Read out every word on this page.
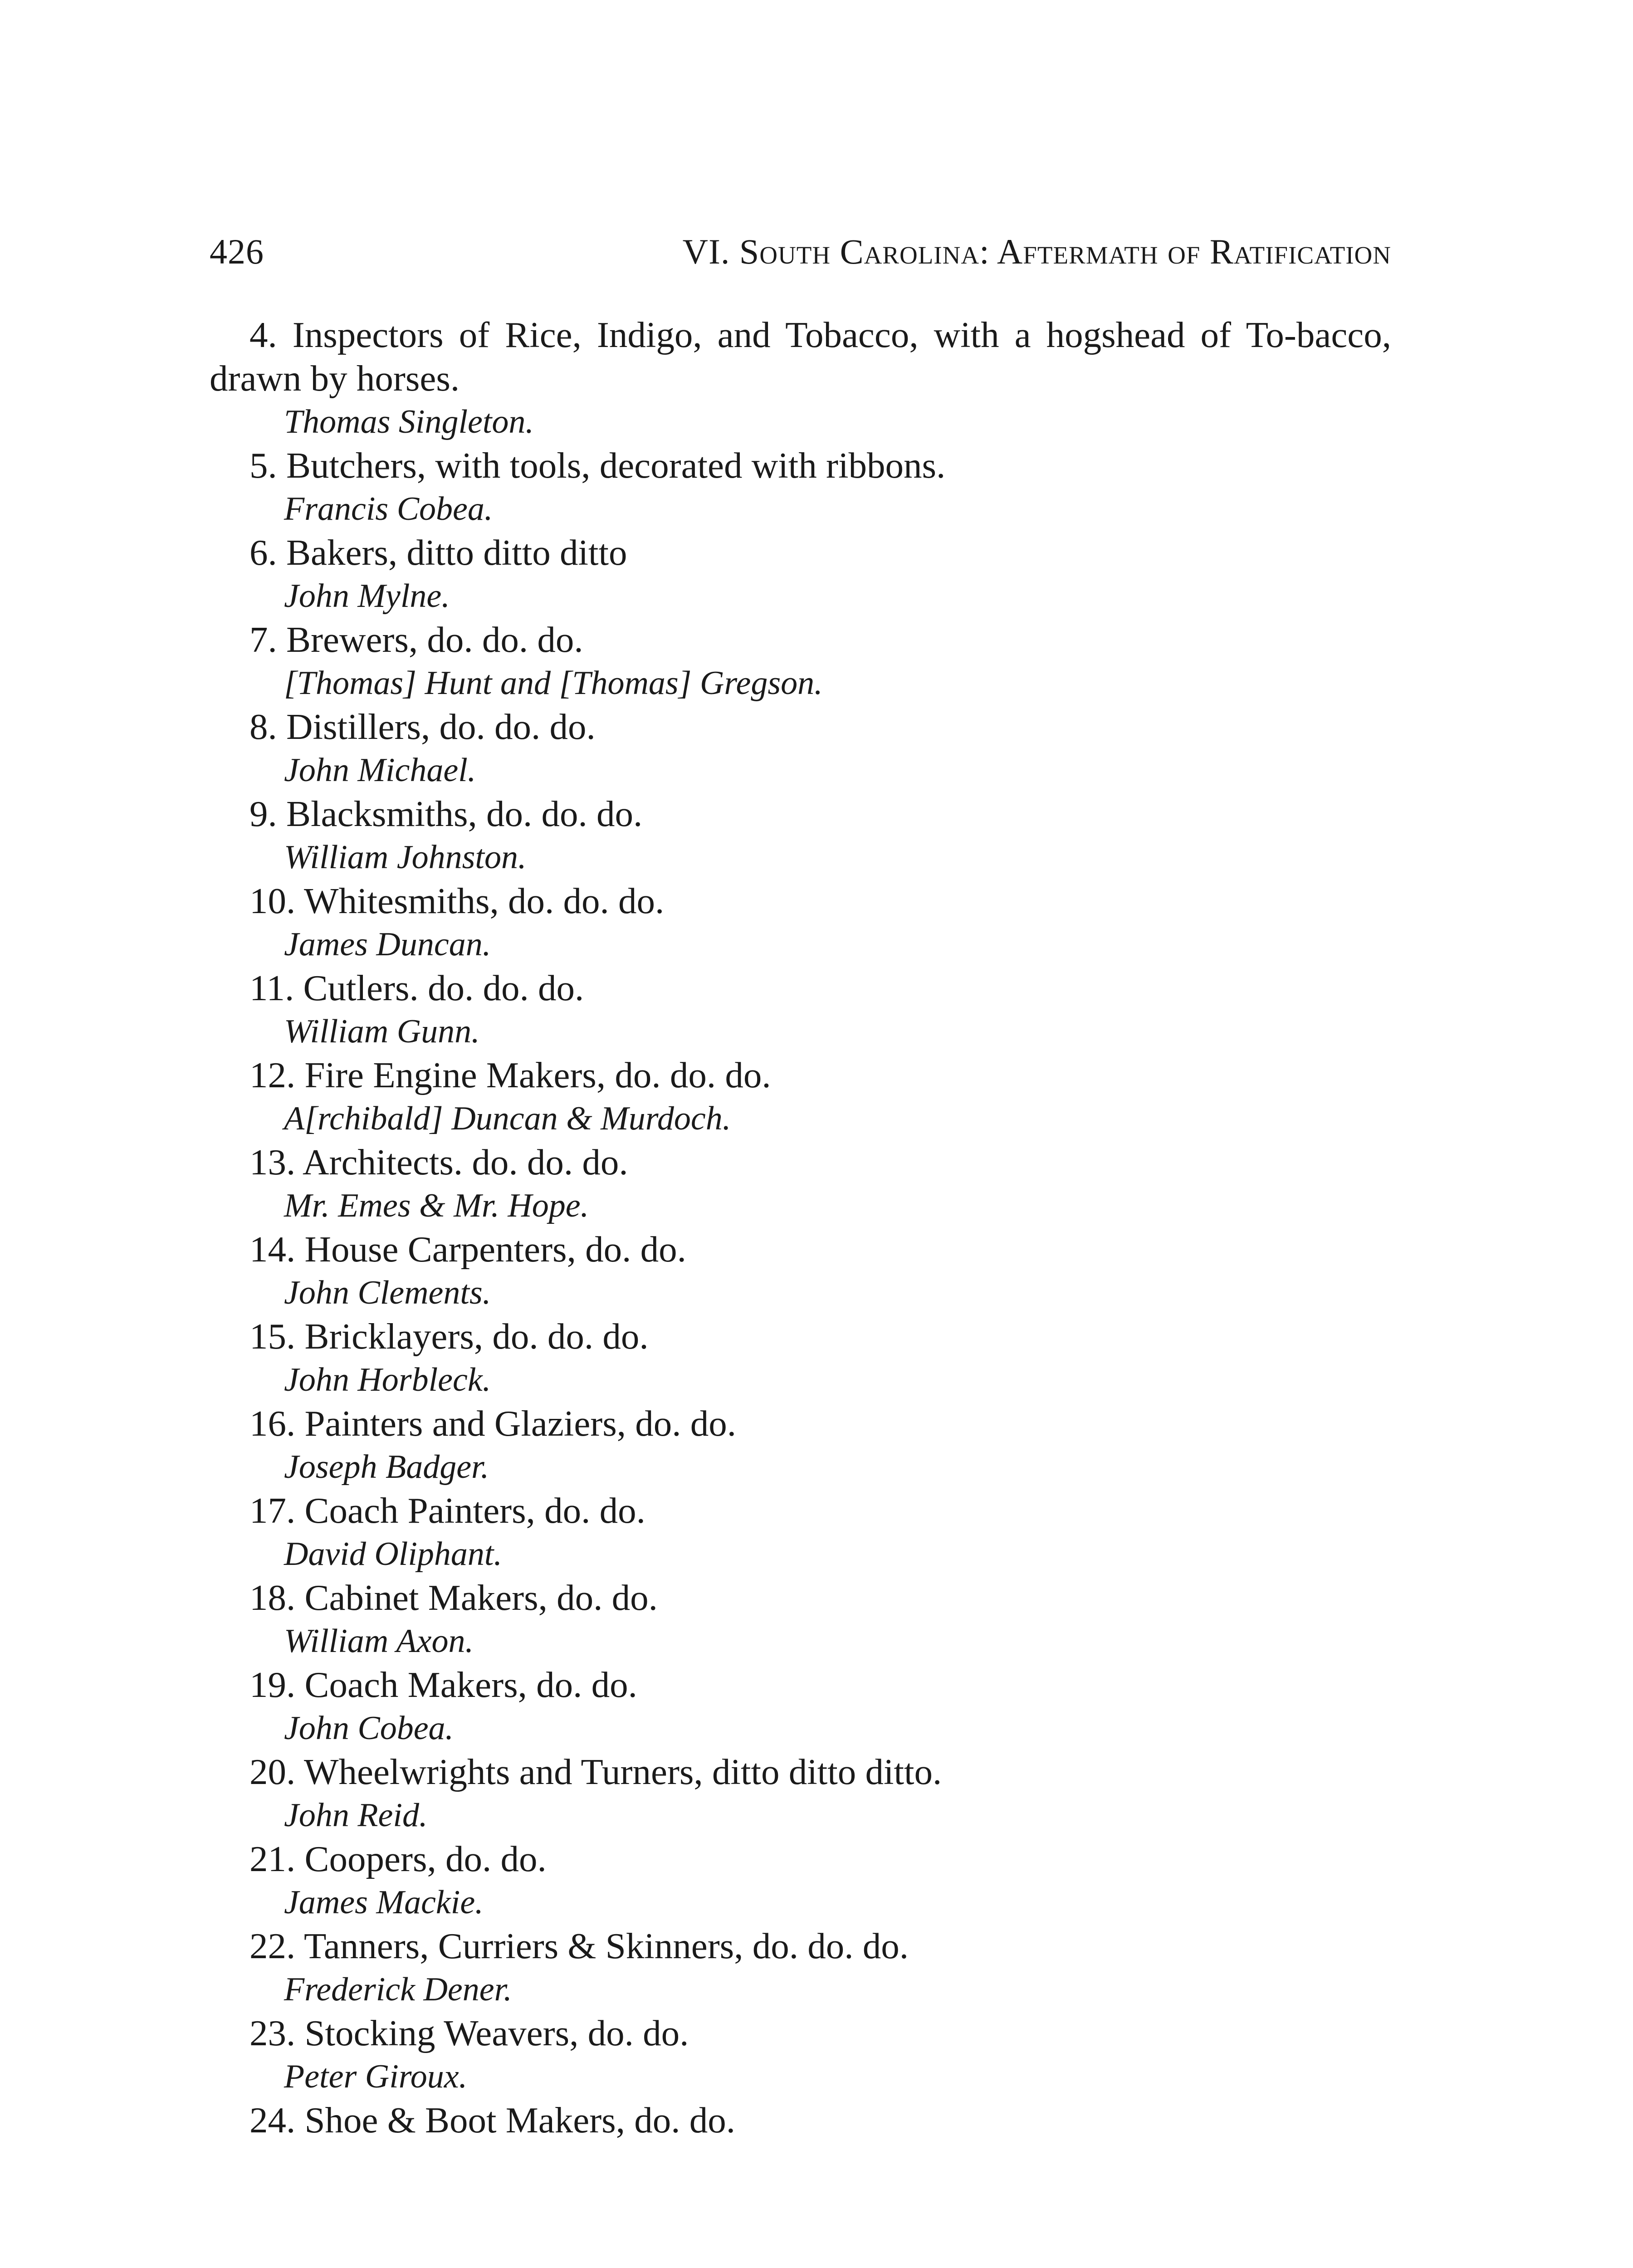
426	VI. South Carolina: Aftermath of Ratification

4. Inspectors of Rice, Indigo, and Tobacco, with a hogshead of To-bacco, drawn by horses.

Thomas Singleton.

5. Butchers, with tools, decorated with ribbons.

Francis Cobea.

6. Bakers, ditto ditto ditto

John Mylne.

7. Brewers, do. do. do.

[Thomas] Hunt and [Thomas] Gregson.

8. Distillers, do. do. do.

John Michael.

9. Blacksmiths, do. do. do.

William Johnston.

10. Whitesmiths, do. do. do.

James Duncan.

11. Cutlers. do. do. do.

William Gunn.

12. Fire Engine Makers, do. do. do.

A[rchibald] Duncan & Murdoch.

13. Architects. do. do. do.

Mr. Emes & Mr. Hope.

14. House Carpenters, do. do.

John Clements.

15. Bricklayers, do. do. do.

John Horbleck.

16. Painters and Glaziers, do. do.

Joseph Badger.

17. Coach Painters, do. do.

David Oliphant.

18. Cabinet Makers, do. do.

William Axon.

19. Coach Makers, do. do.

John Cobea.

20. Wheelwrights and Turners, ditto ditto ditto.

John Reid.

21. Coopers, do. do.

James Mackie.

22. Tanners, Curriers & Skinners, do. do. do.

Frederick Dener.

23. Stocking Weavers, do. do.

Peter Giroux.

24. Shoe & Boot Makers, do. do.
